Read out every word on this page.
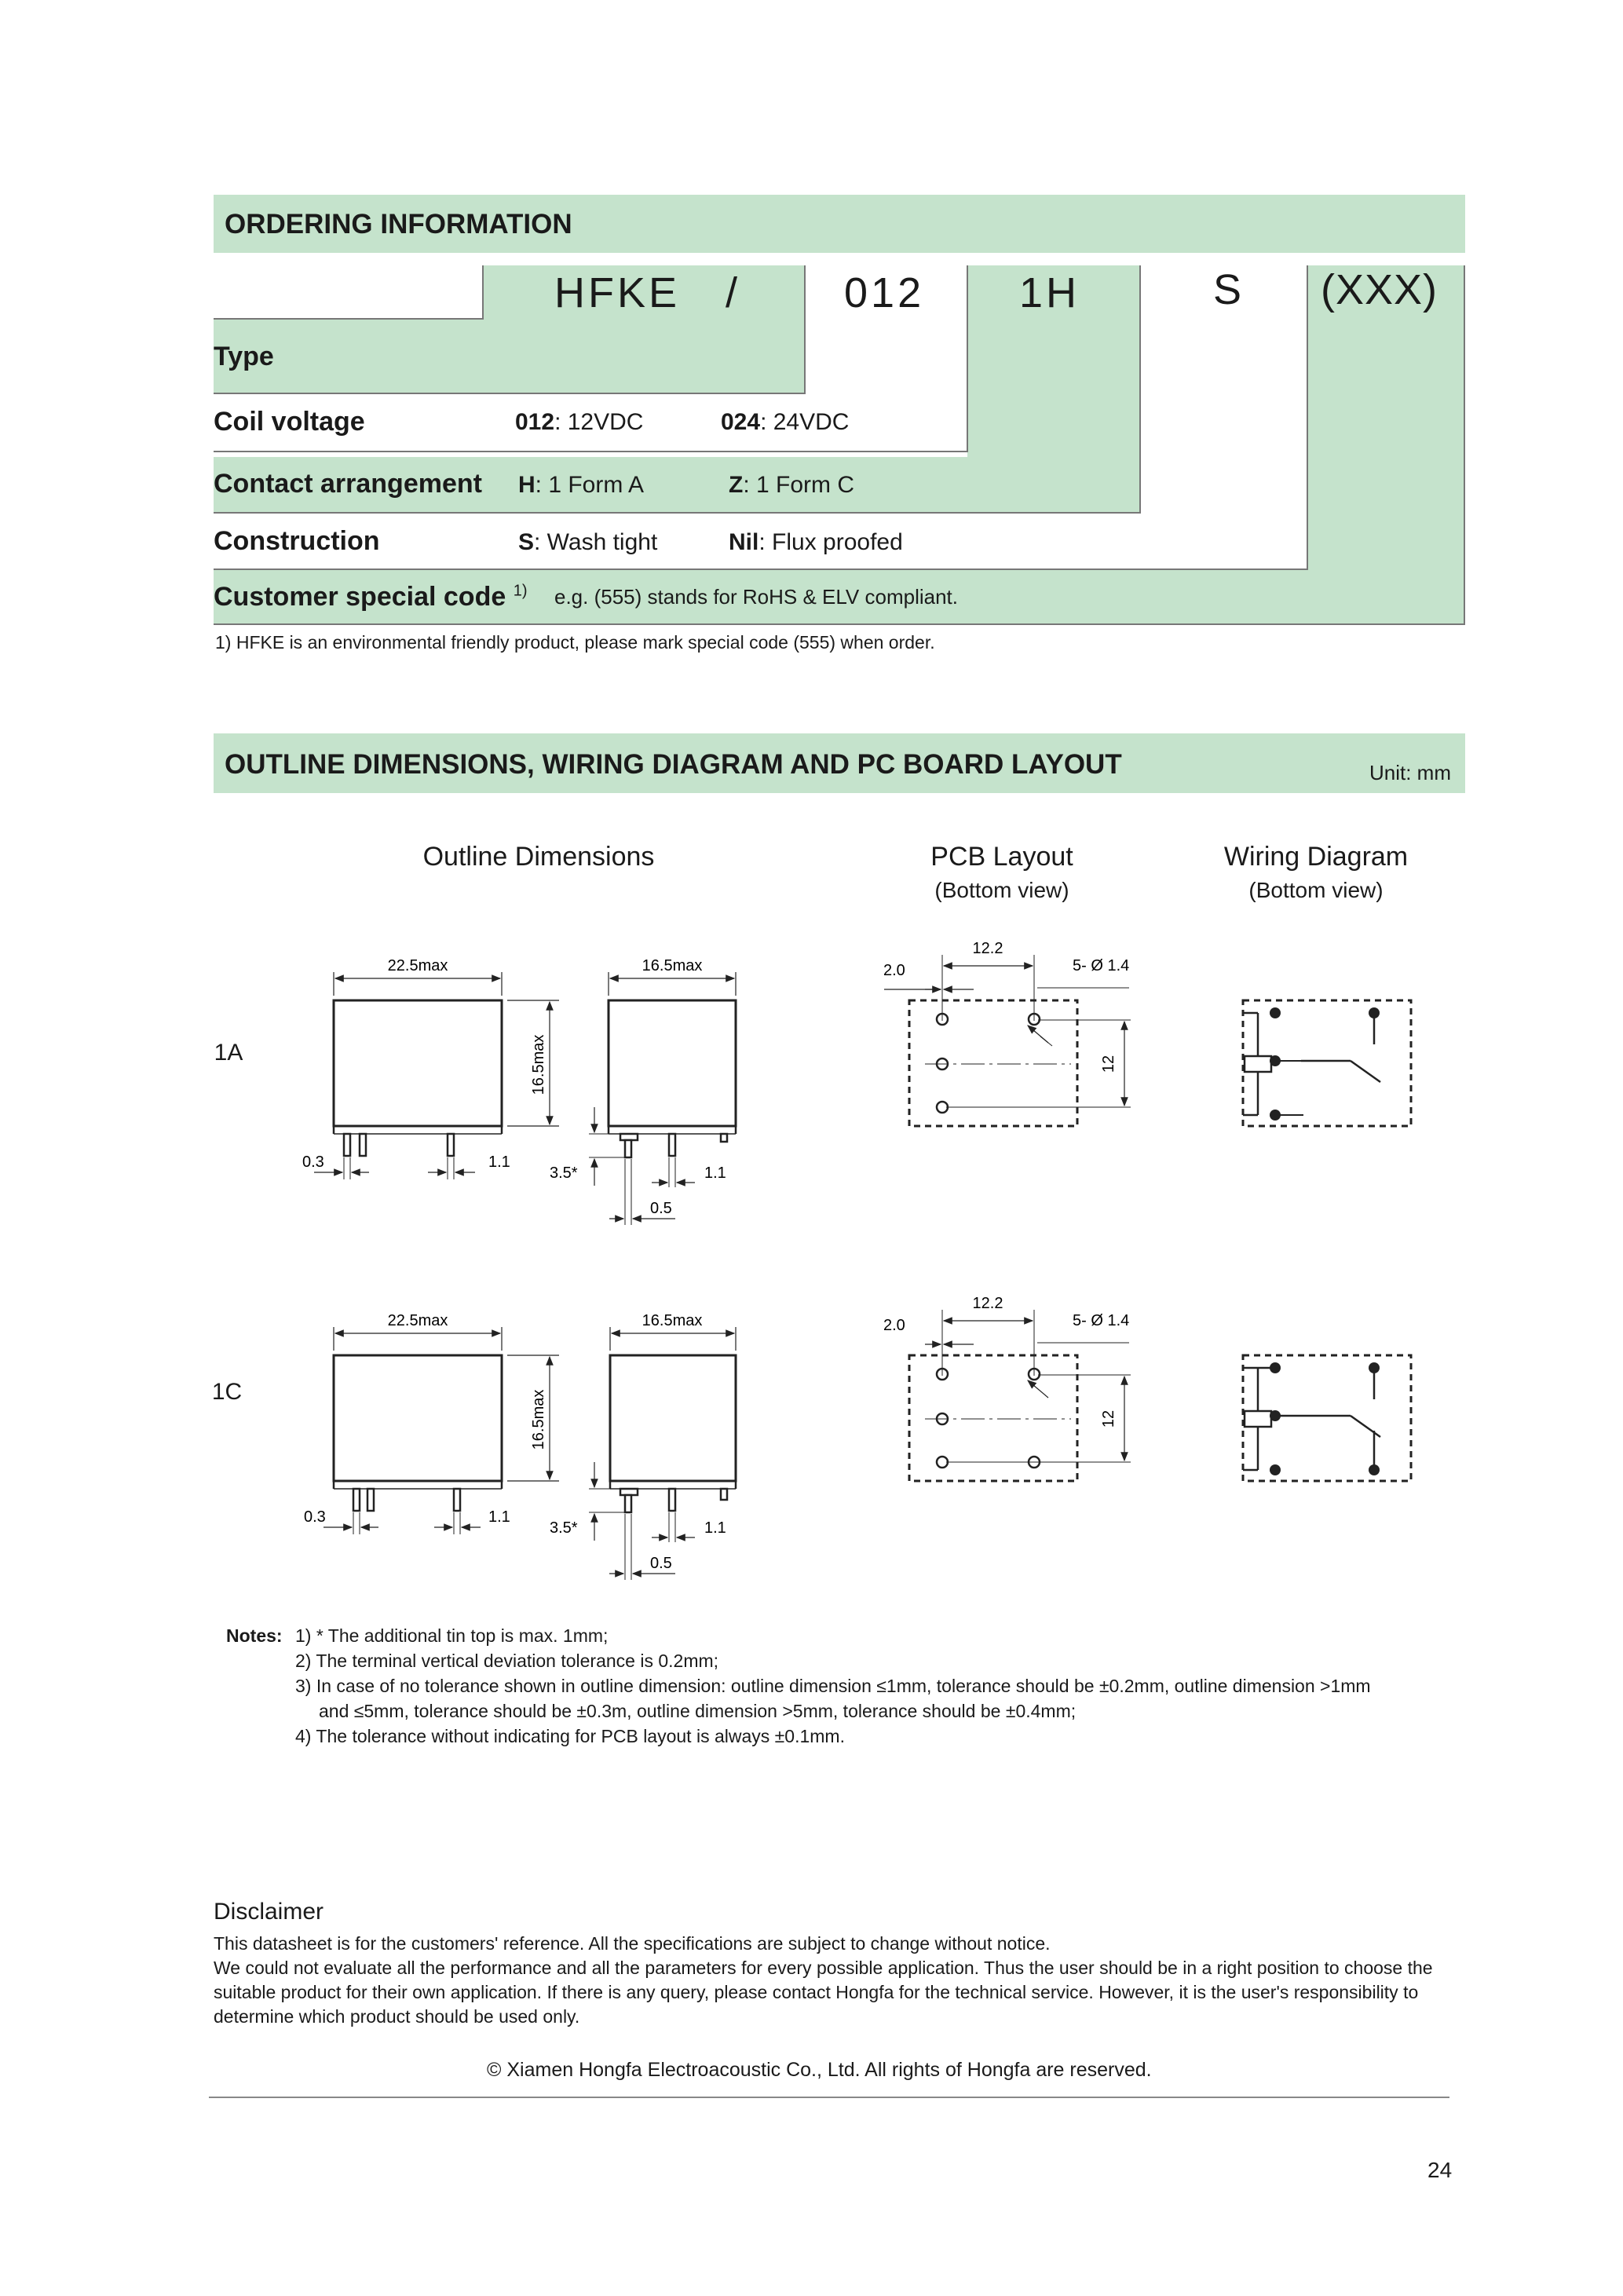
ORDERING INFORMATION
HFKE / 012 1H	S (XXX)
Type
Coil voltage	012: 12VDC	024: 24VDC
Contact arrangement H: 1 Form A	Z: 1 Form C
Construction	S: Wash tight	Nil: Flux proofed
Customer special code $^{1)}$ e.g. (555) stands for RoHS & ELV compliant.
1) HFKE is an environmental friendly product, please mark special code (555) when order.
OUTLINE DIMENSIONS, WIRING DIAGRAM AND PC BOARD LAYOUT	Unit: mm
Outline Dimensions	PCB Layout
(Bottom view)
Wiring Diagram
(Bottom view)
1A
1C
22.5max
16.5max
0.3	1.1
16.5max
3.5*	1.1
0.5
12.2
2.0	5- Ø 1.4
12
22.5max
16.5max
0.3	1.1
16.5max
3.5*	1.1
0.5
12.2
2.0	5- Ø 1.4
12
Notes: 1) * The additional tin top is max. 1mm;
2) The terminal vertical deviation tolerance is 0.2mm;
3) In case of no tolerance shown in outline dimension: outline dimension ≤1mm, tolerance should be ±0.2mm, outline dimension >1mm
and ≤5mm, tolerance should be ±0.3m, outline dimension >5mm, tolerance should be ±0.4mm;
4) The tolerance without indicating for PCB layout is always ±0.1mm.
Disclaimer
This datasheet is for the customers' reference. All the specifications are subject to change without notice.
We could not evaluate all the performance and all the parameters for every possible application. Thus the user should be in a right position to choose the suitable product for their own application. If there is any query, please contact Hongfa for the technical service. However, it is the user's responsibility to determine which product should be used only.
© Xiamen Hongfa Electroacoustic Co., Ltd. All rights of Hongfa are reserved.
24
